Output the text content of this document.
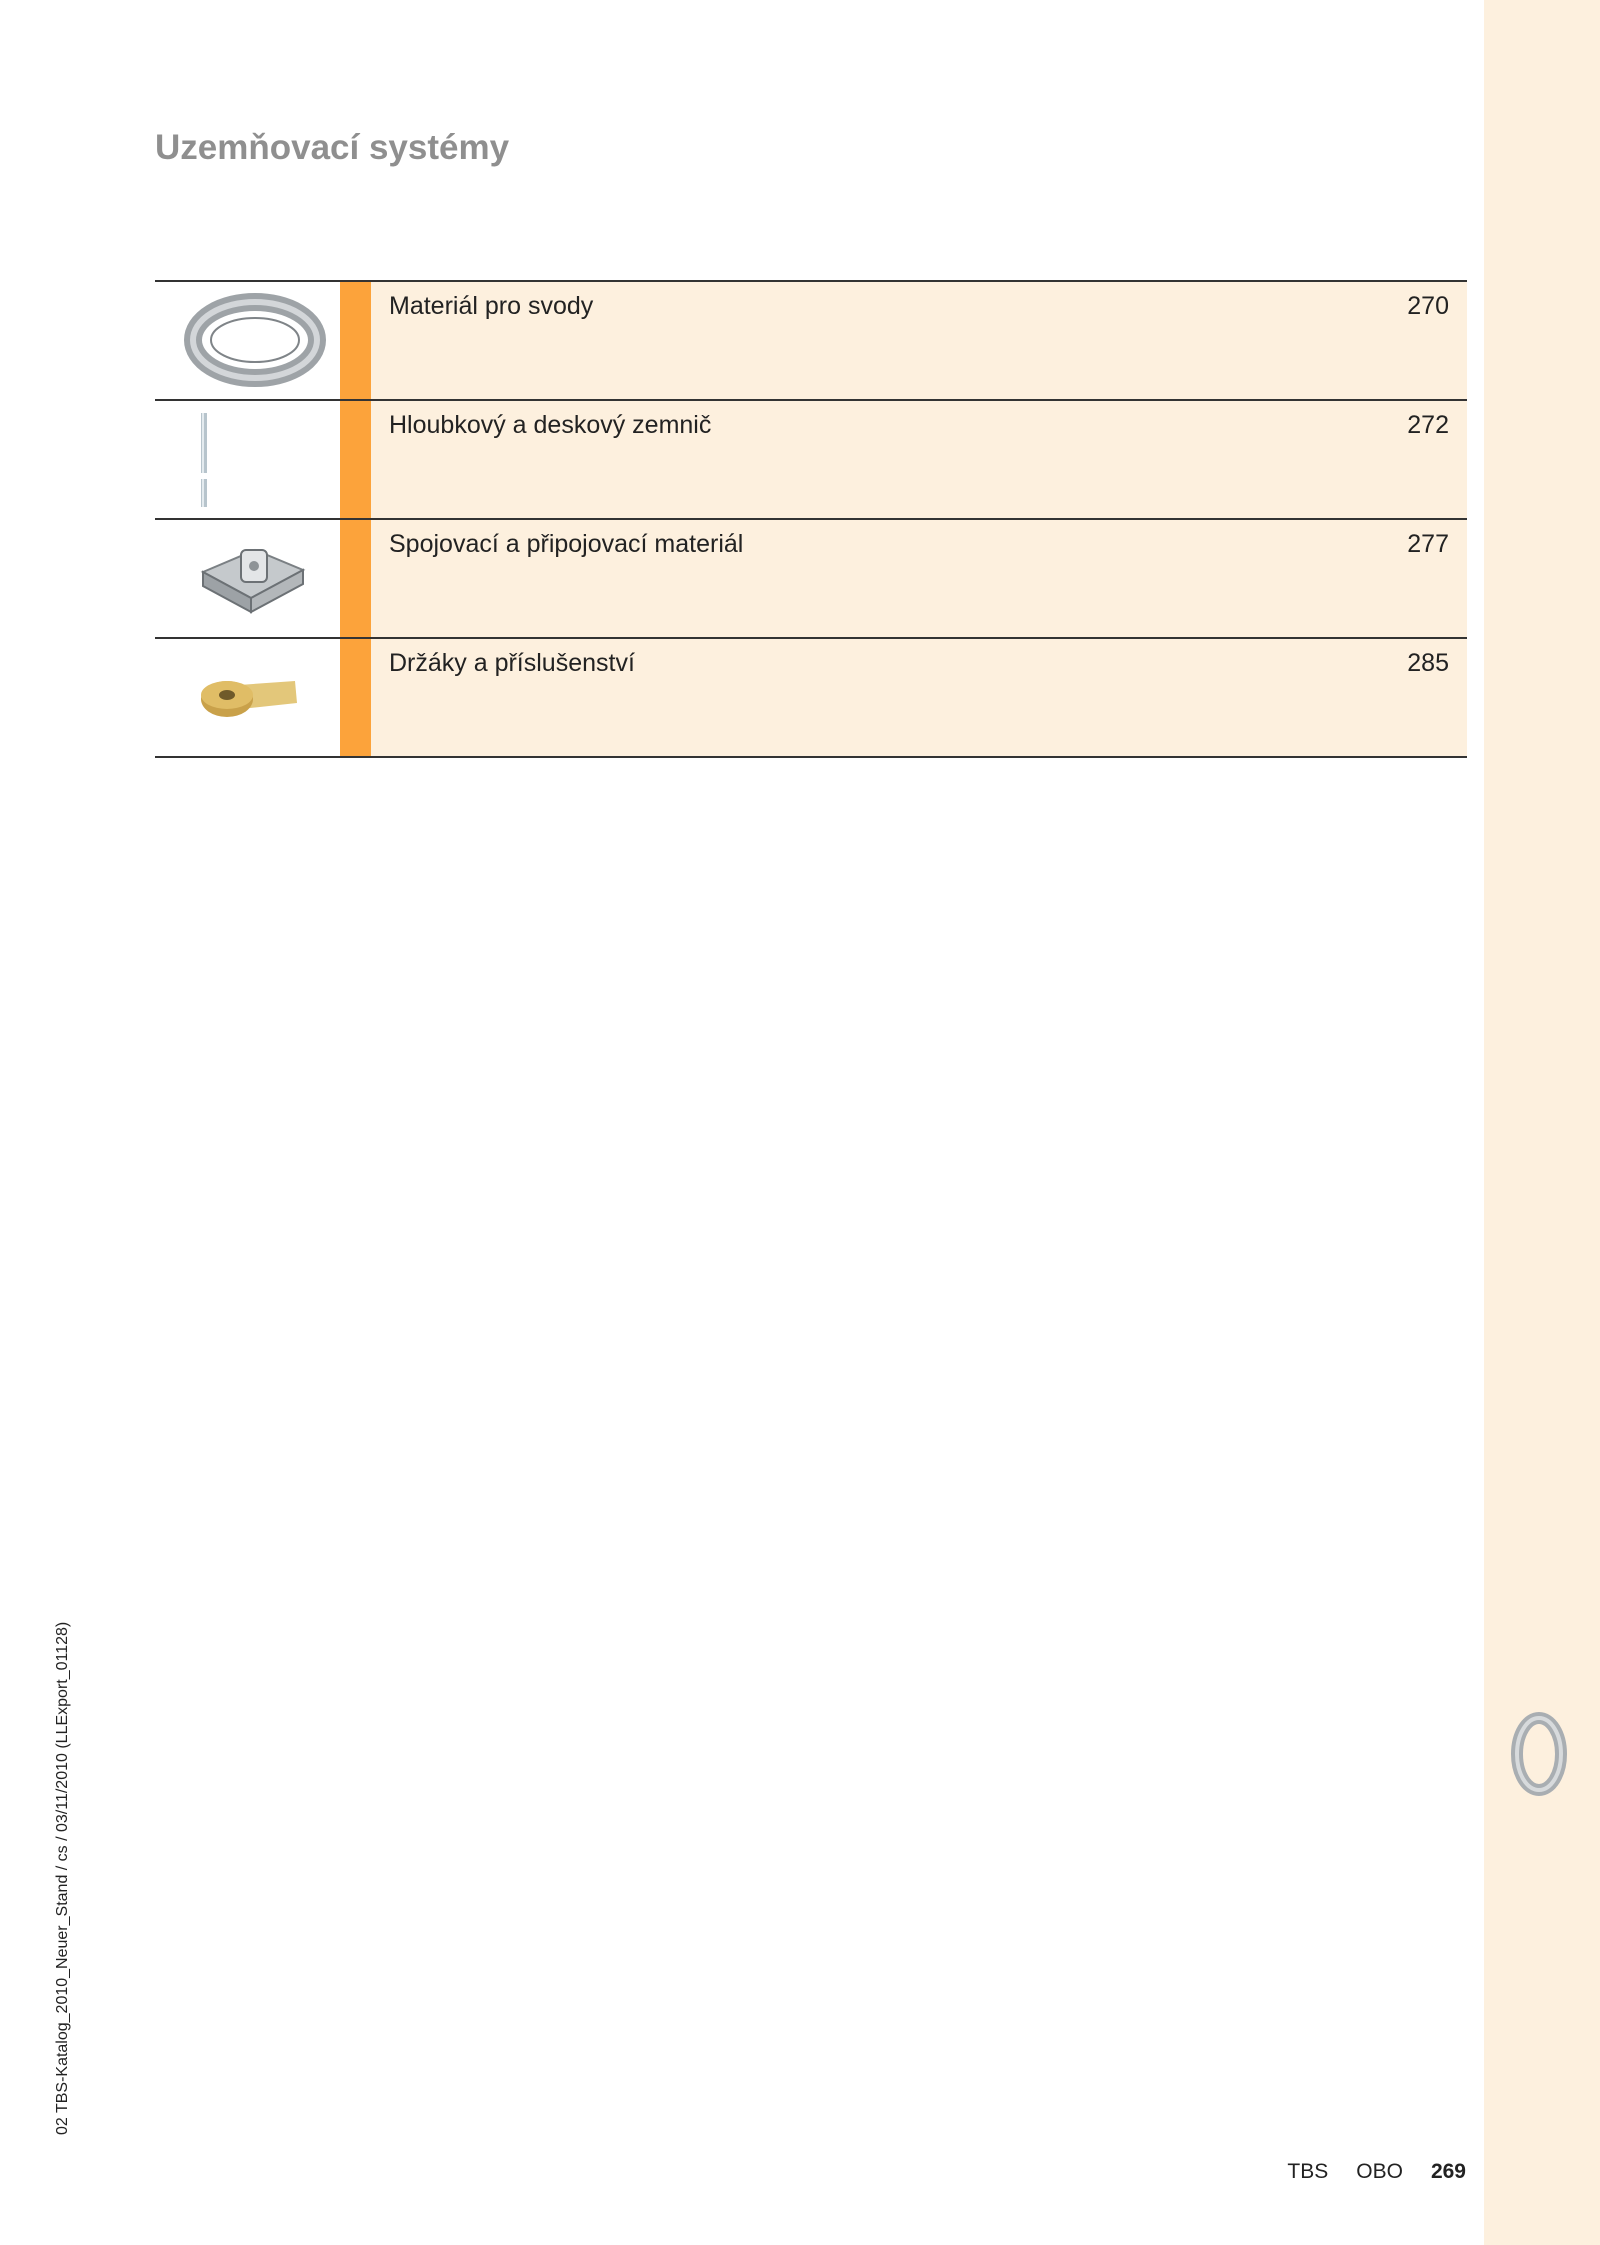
Uzemňovací systémy
Materiál pro svody	270
Hloubkový a deskový zemnič	272
Spojovací a připojovací materiál	277
Držáky a příslušenství	285
02 TBS-Katalog_2010_Neuer_Stand / cs / 03/11/2010 (LLExport_01128)
TBS OBO 269
